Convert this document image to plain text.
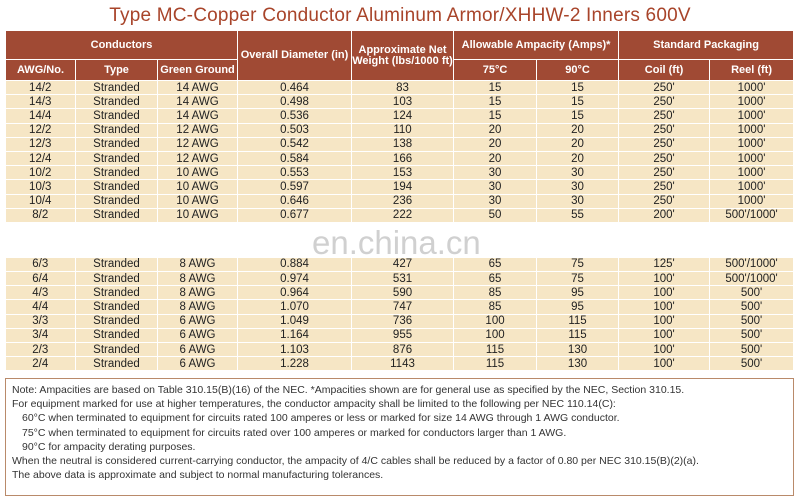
Type MC-Copper Conductor Aluminum Armor/XHHW-2 Inners 600V
Conductors			Overall Diameter (in)	Approximate Net Weight (lbs/1000 ft)	Allowable Ampacity (Amps)*		Standard Packaging	
AWG/No.	Type	Green Ground			75°C	90°C	Coil (ft)	Reel (ft)
14/2	Stranded	14 AWG	0.464	83	15	15	250'	1000'
14/3	Stranded	14 AWG	0.498	103	15	15	250'	1000'
14/4	Stranded	14 AWG	0.536	124	15	15	250'	1000'
12/2	Stranded	12 AWG	0.503	110	20	20	250'	1000'
12/3	Stranded	12 AWG	0.542	138	20	20	250'	1000'
12/4	Stranded	12 AWG	0.584	166	20	20	250'	1000'
10/2	Stranded	10 AWG	0.553	153	30	30	250'	1000'
10/3	Stranded	10 AWG	0.597	194	30	30	250'	1000'
10/4	Stranded	10 AWG	0.646	236	30	30	250'	1000'
8/2	Stranded	10 AWG	0.677	222	50	55	200'	500'/1000'

6/3	Stranded	8 AWG	0.884	427	65	75	125'	500'/1000'
6/4	Stranded	8 AWG	0.974	531	65	75	100'	500'/1000'
4/3	Stranded	8 AWG	0.964	590	85	95	100'	500'
4/4	Stranded	8 AWG	1.070	747	85	95	100'	500'
3/3	Stranded	6 AWG	1.049	736	100	115	100'	500'
3/4	Stranded	6 AWG	1.164	955	100	115	100'	500'
2/3	Stranded	6 AWG	1.103	876	115	130	100'	500'
2/4	Stranded	6 AWG	1.228	1143	115	130	100'	500'
en.china.cn
Note: Ampacities are based on Table 310.15(B)(16) of the NEC. *Ampacities shown are for general use as specified by the NEC, Section 310.15.
For equipment marked for use at higher temperatures, the conductor ampacity shall be limited to the following per NEC 110.14(C):
60°C when terminated to equipment for circuits rated 100 amperes or less or marked for size 14 AWG through 1 AWG conductor.
75°C when terminated to equipment for circuits rated over 100 amperes or marked for conductors larger than 1 AWG.
90°C for ampacity derating purposes.
When the neutral is considered current-carrying conductor, the ampacity of 4/C cables shall be reduced by a factor of 0.80 per NEC 310.15(B)(2)(a).
The above data is approximate and subject to normal manufacturing tolerances.
